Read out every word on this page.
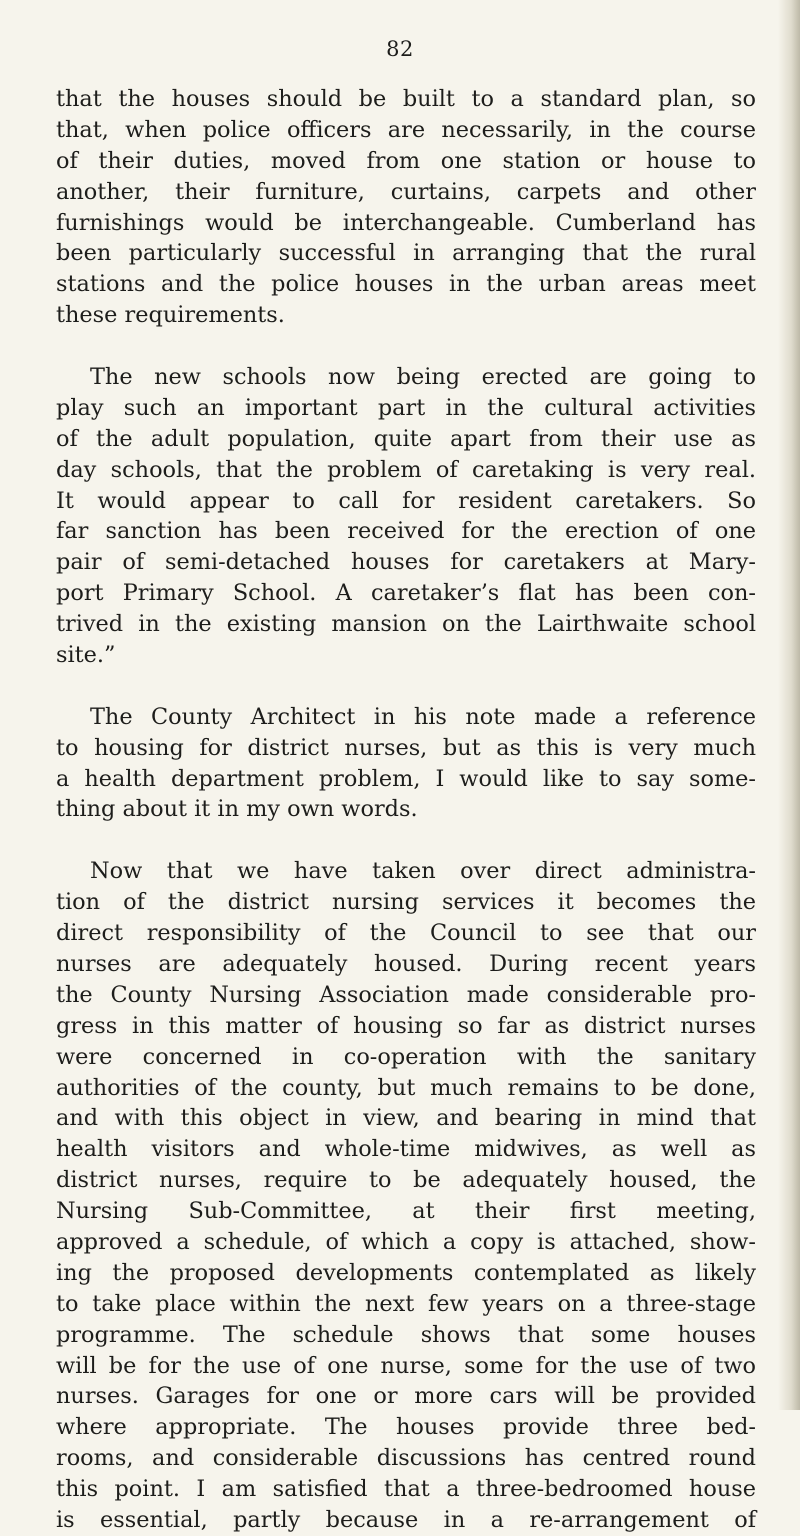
82
that the houses should be built to a standard plan, so
that, when police officers are necessarily, in the course
of their duties, moved from one station or house to
another, their furniture, curtains, carpets and other
furnishings would be interchangeable. Cumberland has
been particularly successful in arranging that the rural
stations and the police houses in the urban areas meet
these requirements.
The new schools now being erected are going to
play such an important part in the cultural activities
of the adult population, quite apart from their use as
day schools, that the problem of caretaking is very real.
It would appear to call for resident caretakers. So
far sanction has been received for the erection of one
pair of semi-detached houses for caretakers at Mary-
port Primary School. A caretaker’s flat has been con-
trived in the existing mansion on the Lairthwaite school
site.”
The County Architect in his note made a reference
to housing for district nurses, but as this is very much
a health department problem, I would like to say some-
thing about it in my own words.
Now that we have taken over direct administra-
tion of the district nursing services it becomes the
direct responsibility of the Council to see that our
nurses are adequately housed. During recent years
the County Nursing Association made considerable pro-
gress in this matter of housing so far as district nurses
were concerned in co-operation with the sanitary
authorities of the county, but much remains to be done,
and with this object in view, and bearing in mind that
health visitors and whole-time midwives, as well as
district nurses, require to be adequately housed, the
Nursing Sub-Committee, at their first meeting,
approved a schedule, of which a copy is attached, show-
ing the proposed developments contemplated as likely
to take place within the next few years on a three-stage
programme. The schedule shows that some houses
will be for the use of one nurse, some for the use of two
nurses. Garages for one or more cars will be provided
where appropriate. The houses provide three bed-
rooms, and considerable discussions has centred round
this point. I am satisfied that a three-bedroomed house
is essential, partly because in a re-arrangement of
